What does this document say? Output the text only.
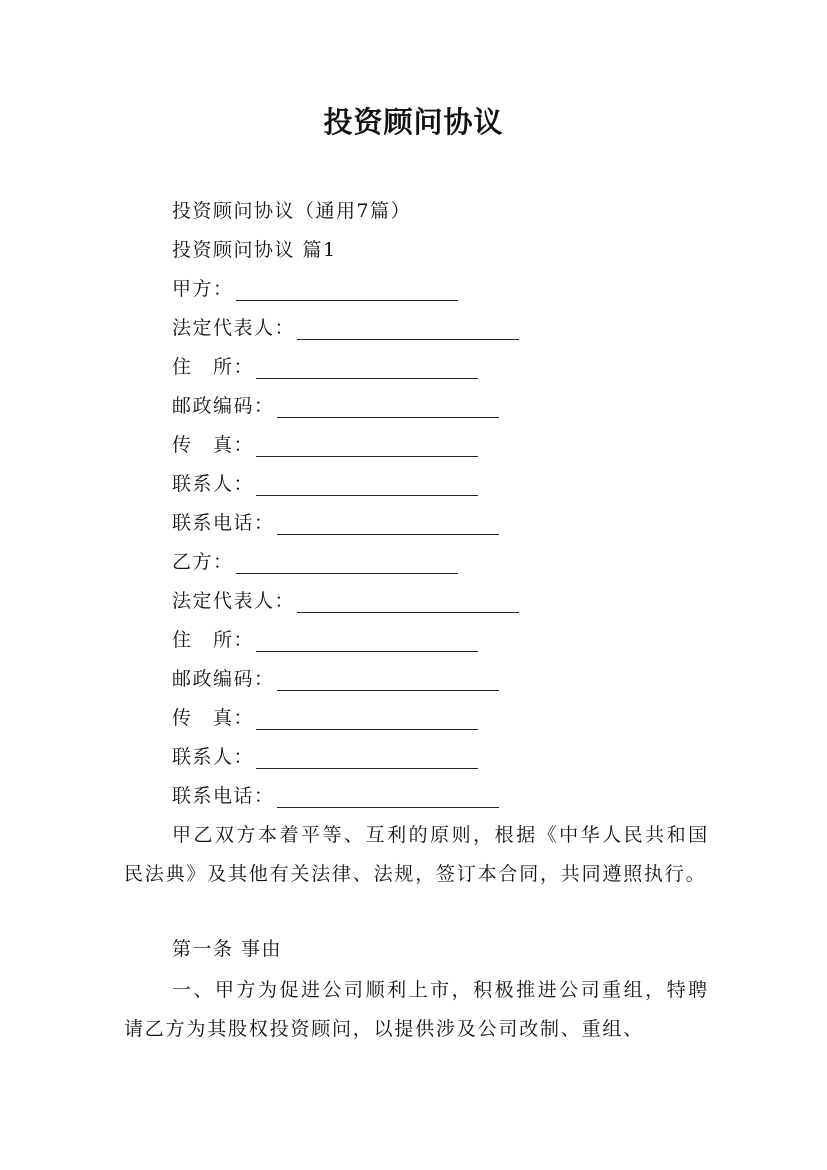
投资顾问协议
投资顾问协议（通用7篇）
投资顾问协议 篇1
甲方：
法定代表人：
住　所：
邮政编码：
传　真：
联系人：
联系电话：
乙方：
法定代表人：
住　所：
邮政编码：
传　真：
联系人：
联系电话：

甲乙双方本着平等、互利的原则，根据《中华人民共和国民法典》及其他有关法律、法规，签订本合同，共同遵照执行。

第一条 事由

一、甲方为促进公司顺利上市，积极推进公司重组，特聘请乙方为其股权投资顾问，以提供涉及公司改制、重组、
